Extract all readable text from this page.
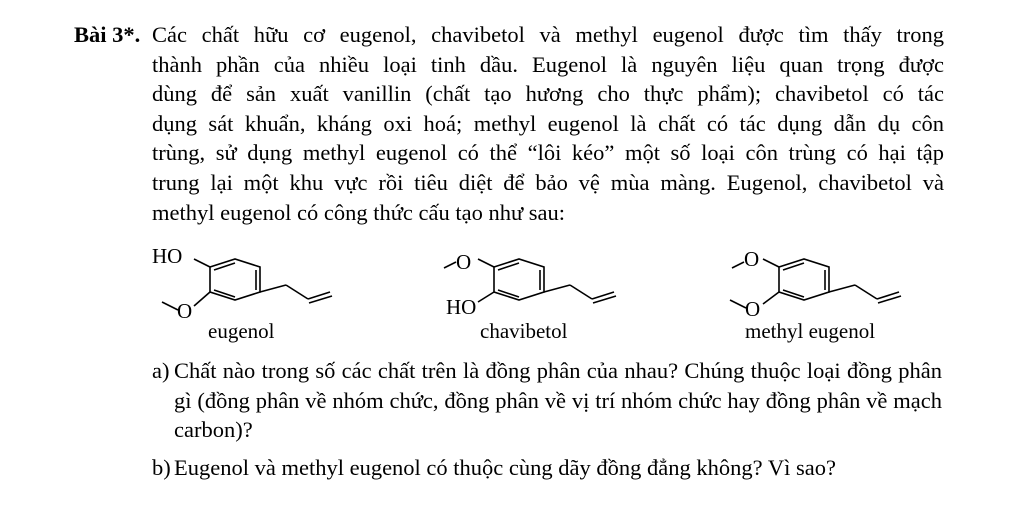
Bài 3*. Các chất hữu cơ eugenol, chavibetol và methyl eugenol được tìm thấy trong
thành phần của nhiều loại tinh dầu. Eugenol là nguyên liệu quan trọng được
dùng để sản xuất vanillin (chất tạo hương cho thực phẩm); chavibetol có tác
dụng sát khuẩn, kháng oxi hoá; methyl eugenol là chất có tác dụng dẫn dụ côn
trùng, sử dụng methyl eugenol có thể “lôi kéo” một số loại côn trùng có hại tập
trung lại một khu vực rồi tiêu diệt để bảo vệ mùa màng. Eugenol, chavibetol và
methyl eugenol có công thức cấu tạo như sau:
HO
O
O
HO
O
O
eugenol	chavibetol	methyl eugenol
a) Chất nào trong số các chất trên là đồng phân của nhau? Chúng thuộc loại đồng phân gì (đồng phân về nhóm chức, đồng phân về vị trí nhóm chức hay đồng phân về mạch carbon)?
b) Eugenol và methyl eugenol có thuộc cùng dãy đồng đẳng không? Vì sao?
